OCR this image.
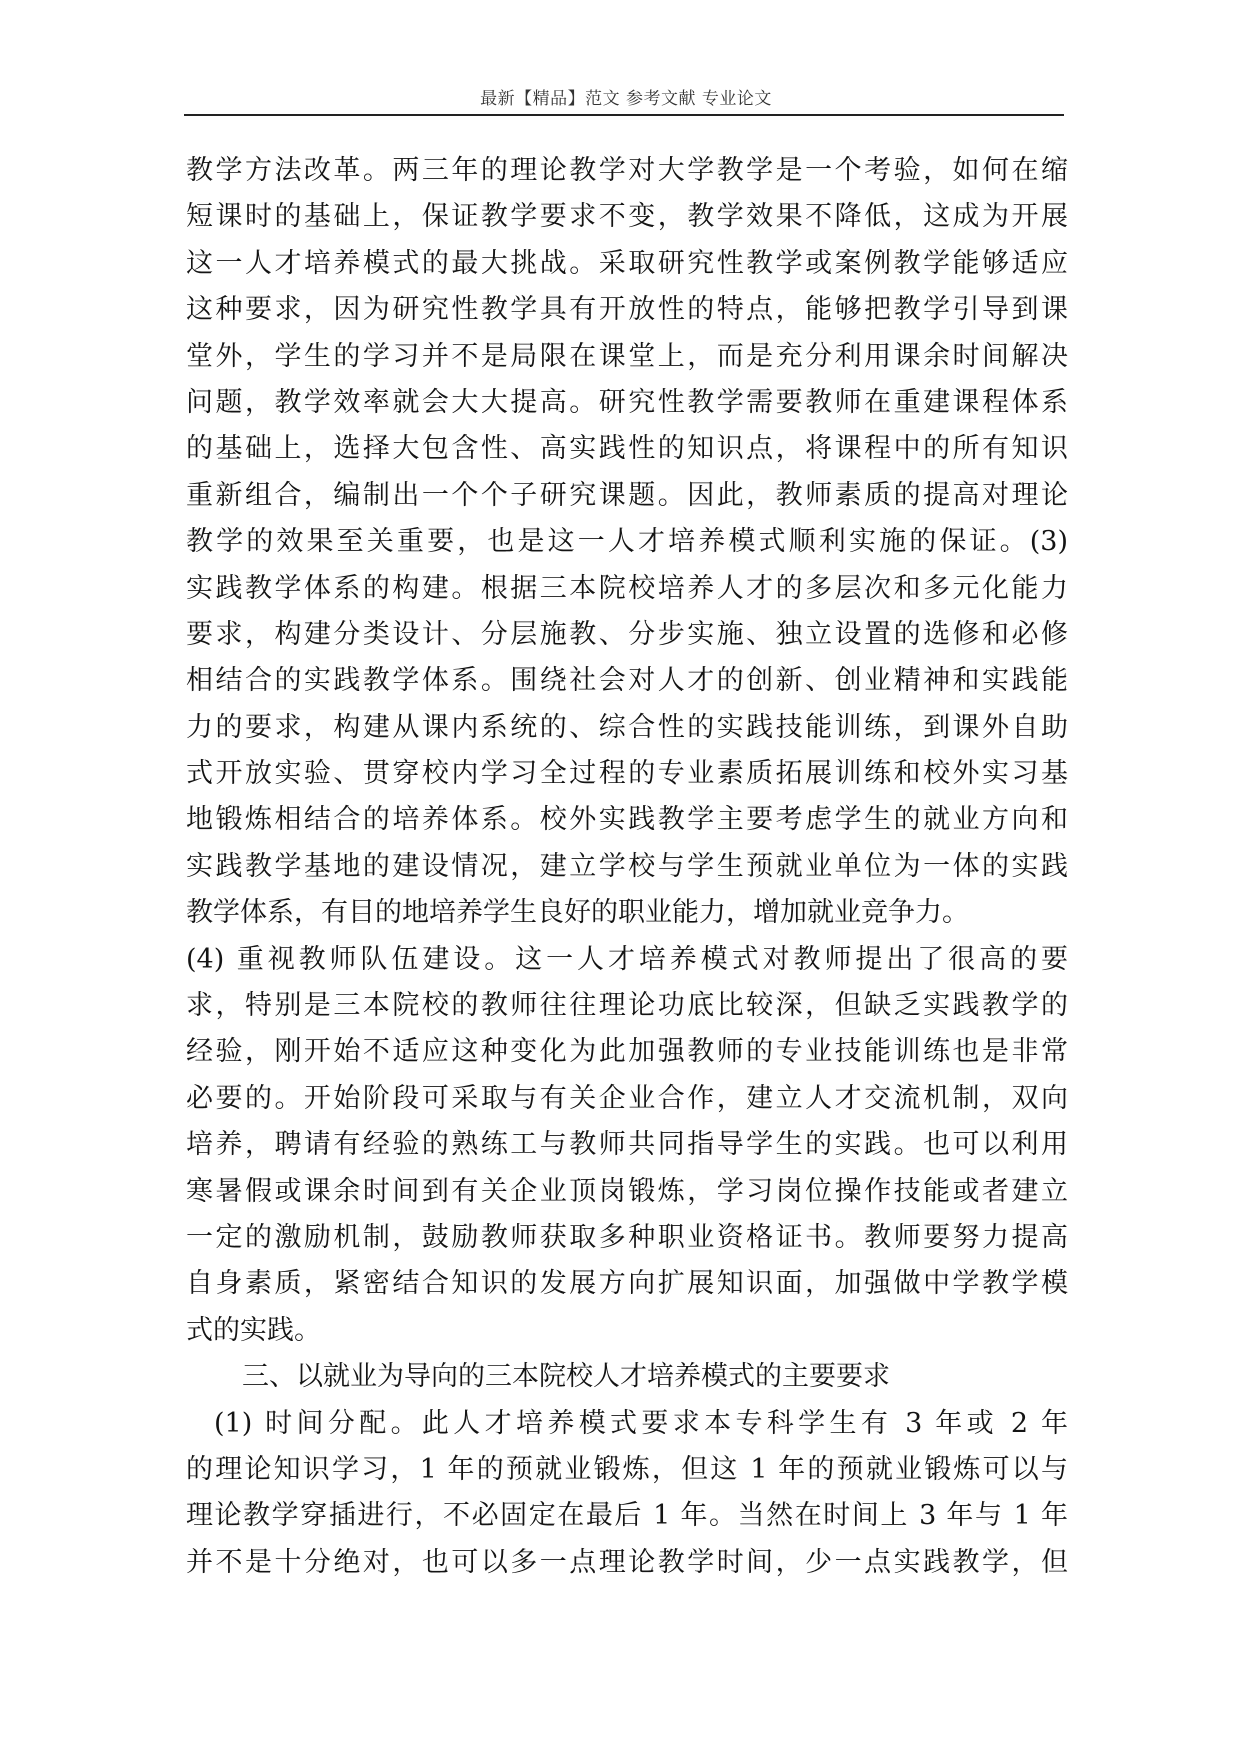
最新【精品】范文 参考文献 专业论文
教学方法改革。两三年的理论教学对大学教学是一个考验，如何在缩
短课时的基础上，保证教学要求不变，教学效果不降低，这成为开展
这一人才培养模式的最大挑战。采取研究性教学或案例教学能够适应
这种要求，因为研究性教学具有开放性的特点，能够把教学引导到课
堂外，学生的学习并不是局限在课堂上，而是充分利用课余时间解决
问题，教学效率就会大大提高。研究性教学需要教师在重建课程体系
的基础上，选择大包含性、高实践性的知识点，将课程中的所有知识
重新组合，编制出一个个子研究课题。因此，教师素质的提高对理论
教学的效果至关重要，也是这一人才培养模式顺利实施的保证。(3)
实践教学体系的构建。根据三本院校培养人才的多层次和多元化能力
要求，构建分类设计、分层施教、分步实施、独立设置的选修和必修
相结合的实践教学体系。围绕社会对人才的创新、创业精神和实践能
力的要求，构建从课内系统的、综合性的实践技能训练，到课外自助
式开放实验、贯穿校内学习全过程的专业素质拓展训练和校外实习基
地锻炼相结合的培养体系。校外实践教学主要考虑学生的就业方向和
实践教学基地的建设情况，建立学校与学生预就业单位为一体的实践
教学体系，有目的地培养学生良好的职业能力，增加就业竞争力。
(4) 重视教师队伍建设。这一人才培养模式对教师提出了很高的要
求，特别是三本院校的教师往往理论功底比较深，但缺乏实践教学的
经验，刚开始不适应这种变化为此加强教师的专业技能训练也是非常
必要的。开始阶段可采取与有关企业合作，建立人才交流机制，双向
培养，聘请有经验的熟练工与教师共同指导学生的实践。也可以利用
寒暑假或课余时间到有关企业顶岗锻炼，学习岗位操作技能或者建立
一定的激励机制，鼓励教师获取多种职业资格证书。教师要努力提高
自身素质，紧密结合知识的发展方向扩展知识面，加强做中学教学模
式的实践。
三、以就业为导向的三本院校人才培养模式的主要要求
(1) 时间分配。此人才培养模式要求本专科学生有 3 年或 2 年
的理论知识学习，1 年的预就业锻炼，但这 1 年的预就业锻炼可以与
理论教学穿插进行，不必固定在最后 1 年。当然在时间上 3 年与 1 年
并不是十分绝对，也可以多一点理论教学时间，少一点实践教学，但
